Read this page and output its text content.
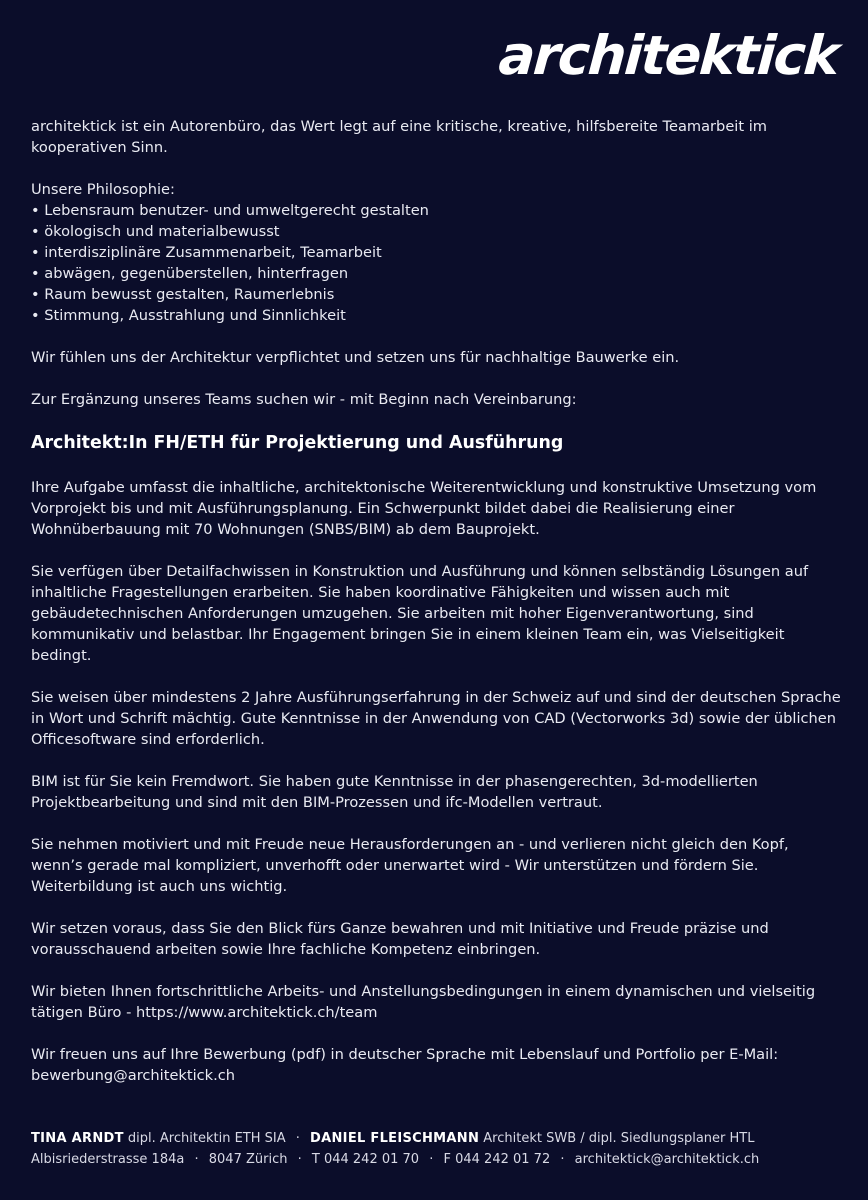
architektick

architektick ist ein Autorenbüro, das Wert legt auf eine kritische, kreative, hilfsbereite Teamarbeit im kooperativen Sinn.

Unsere Philosophie:
• Lebensraum benutzer- und umweltgerecht gestalten
• ökologisch und materialbewusst
• interdisziplinäre Zusammenarbeit, Teamarbeit
• abwägen, gegenüberstellen, hinterfragen
• Raum bewusst gestalten, Raumerlebnis
• Stimmung, Ausstrahlung und Sinnlichkeit

Wir fühlen uns der Architektur verpflichtet und setzen uns für nachhaltige Bauwerke ein.

Zur Ergänzung unseres Teams suchen wir - mit Beginn nach Vereinbarung:

Architekt:In FH/ETH für Projektierung und Ausführung

Ihre Aufgabe umfasst die inhaltliche, architektonische Weiterentwicklung und konstruktive Umsetzung vom Vorprojekt bis und mit Ausführungsplanung. Ein Schwerpunkt bildet dabei die Realisierung einer Wohnüberbauung mit 70 Wohnungen (SNBS/BIM) ab dem Bauprojekt.

Sie verfügen über Detailfachwissen in Konstruktion und Ausführung und können selbständig Lösungen auf inhaltliche Fragestellungen erarbeiten. Sie haben koordinative Fähigkeiten und wissen auch mit gebäudetechnischen Anforderungen umzugehen. Sie arbeiten mit hoher Eigenverantwortung, sind kommunikativ und belastbar. Ihr Engagement bringen Sie in einem kleinen Team ein, was Vielseitigkeit bedingt.

Sie weisen über mindestens 2 Jahre Ausführungserfahrung in der Schweiz auf und sind der deutschen Sprache in Wort und Schrift mächtig. Gute Kenntnisse in der Anwendung von CAD (Vectorworks 3d) sowie der üblichen Officesoftware sind erforderlich.

BIM ist für Sie kein Fremdwort. Sie haben gute Kenntnisse in der phasengerechten, 3d-modellierten Projektbearbeitung und sind mit den BIM-Prozessen und ifc-Modellen vertraut.

Sie nehmen motiviert und mit Freude neue Herausforderungen an - und verlieren nicht gleich den Kopf, wenn’s gerade mal kompliziert, unverhofft oder unerwartet wird - Wir unterstützen und fördern Sie. Weiterbildung ist auch uns wichtig.

Wir setzen voraus, dass Sie den Blick fürs Ganze bewahren und mit Initiative und Freude präzise und vorausschauend arbeiten sowie Ihre fachliche Kompetenz einbringen.

Wir bieten Ihnen fortschrittliche Arbeits- und Anstellungsbedingungen in einem dynamischen und vielseitig tätigen Büro - https://www.architektick.ch/team

Wir freuen uns auf Ihre Bewerbung (pdf) in deutscher Sprache mit Lebenslauf und Portfolio per E-Mail:
bewerbung@architektick.ch
TINA ARNDT dipl. Architektin ETH SIA · DANIEL FLEISCHMANN Architekt SWB / dipl. Siedlungsplaner HTL
Albisriederstrasse 184a · 8047 Zürich · T 044 242 01 70 · F 044 242 01 72 · architektick@architektick.ch
